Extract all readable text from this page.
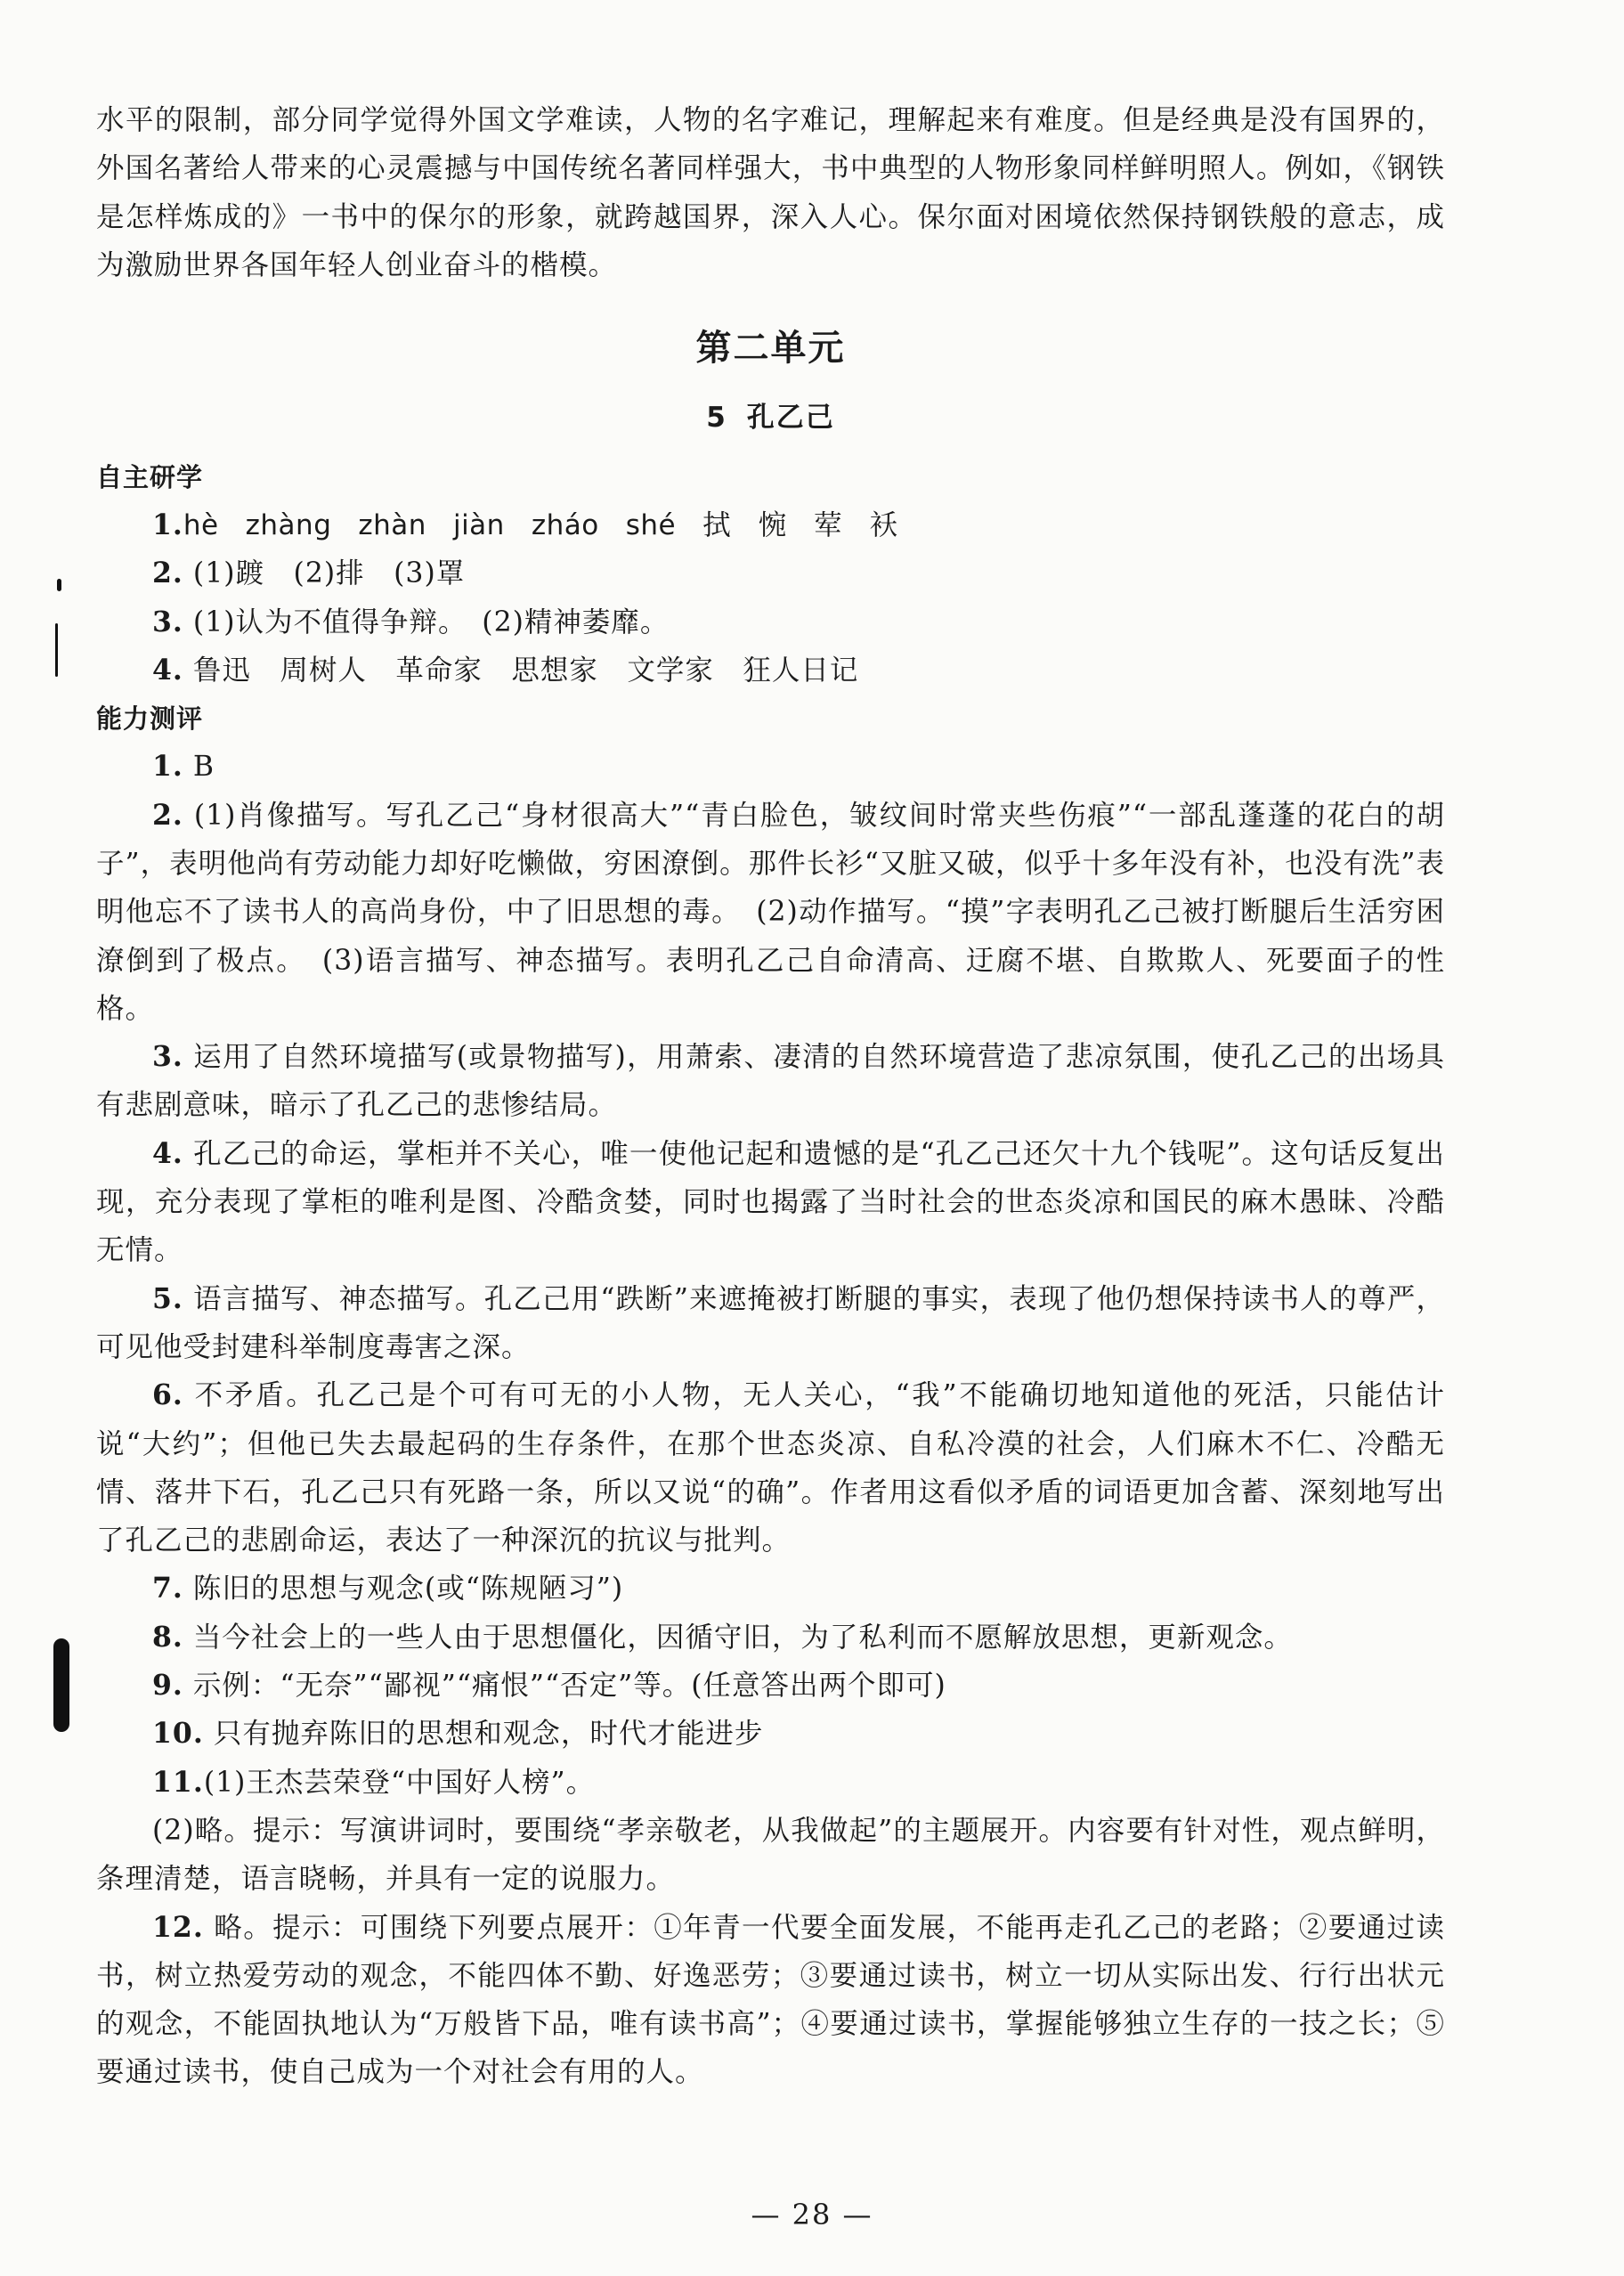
水平的限制，部分同学觉得外国文学难读，人物的名字难记，理解起来有难度。但是经典是没有国界的，外国名著给人带来的心灵震撼与中国传统名著同样强大，书中典型的人物形象同样鲜明照人。例如，《钢铁是怎样炼成的》一书中的保尔的形象，就跨越国界，深入人心。保尔面对困境依然保持钢铁般的意志，成为激励世界各国年轻人创业奋斗的楷模。

第二单元
5 孔乙己
自主研学

1.hè zhàng zhàn jiàn zháo shé 拭 惋 荤 袄

2. (1)踱　(2)排　(3)罩

3. (1)认为不值得争辩。　(2)精神萎靡。

4. 鲁迅　周树人　革命家　思想家　文学家　狂人日记

能力测评

1. B

2. (1)肖像描写。写孔乙己“身材很高大”“青白脸色，皱纹间时常夹些伤痕”“一部乱蓬蓬的花白的胡子”，表明他尚有劳动能力却好吃懒做，穷困潦倒。那件长衫“又脏又破，似乎十多年没有补，也没有洗”表明他忘不了读书人的高尚身份，中了旧思想的毒。　(2)动作描写。“摸”字表明孔乙己被打断腿后生活穷困潦倒到了极点。　(3)语言描写、神态描写。表明孔乙己自命清高、迂腐不堪、自欺欺人、死要面子的性格。

3. 运用了自然环境描写(或景物描写)，用萧索、凄清的自然环境营造了悲凉氛围，使孔乙己的出场具有悲剧意味，暗示了孔乙己的悲惨结局。

4. 孔乙己的命运，掌柜并不关心，唯一使他记起和遗憾的是“孔乙己还欠十九个钱呢”。这句话反复出现，充分表现了掌柜的唯利是图、冷酷贪婪，同时也揭露了当时社会的世态炎凉和国民的麻木愚昧、冷酷无情。

5. 语言描写、神态描写。孔乙己用“跌断”来遮掩被打断腿的事实，表现了他仍想保持读书人的尊严，可见他受封建科举制度毒害之深。

6. 不矛盾。孔乙己是个可有可无的小人物，无人关心，“我”不能确切地知道他的死活，只能估计说“大约”；但他已失去最起码的生存条件，在那个世态炎凉、自私冷漠的社会，人们麻木不仁、冷酷无情、落井下石，孔乙己只有死路一条，所以又说“的确”。作者用这看似矛盾的词语更加含蓄、深刻地写出了孔乙己的悲剧命运，表达了一种深沉的抗议与批判。

7. 陈旧的思想与观念(或“陈规陋习”)

8. 当今社会上的一些人由于思想僵化，因循守旧，为了私利而不愿解放思想，更新观念。

9. 示例：“无奈”“鄙视”“痛恨”“否定”等。(任意答出两个即可)

10. 只有抛弃陈旧的思想和观念，时代才能进步

11.(1)王杰芸荣登“中国好人榜”。

(2)略。提示：写演讲词时，要围绕“孝亲敬老，从我做起”的主题展开。内容要有针对性，观点鲜明，条理清楚，语言晓畅，并具有一定的说服力。

12. 略。提示：可围绕下列要点展开：①年青一代要全面发展，不能再走孔乙己的老路；②要通过读书，树立热爱劳动的观念，不能四体不勤、好逸恶劳；③要通过读书，树立一切从实际出发、行行出状元的观念，不能固执地认为“万般皆下品，唯有读书高”；④要通过读书，掌握能够独立生存的一技之长；⑤要通过读书，使自己成为一个对社会有用的人。

— 28 —
